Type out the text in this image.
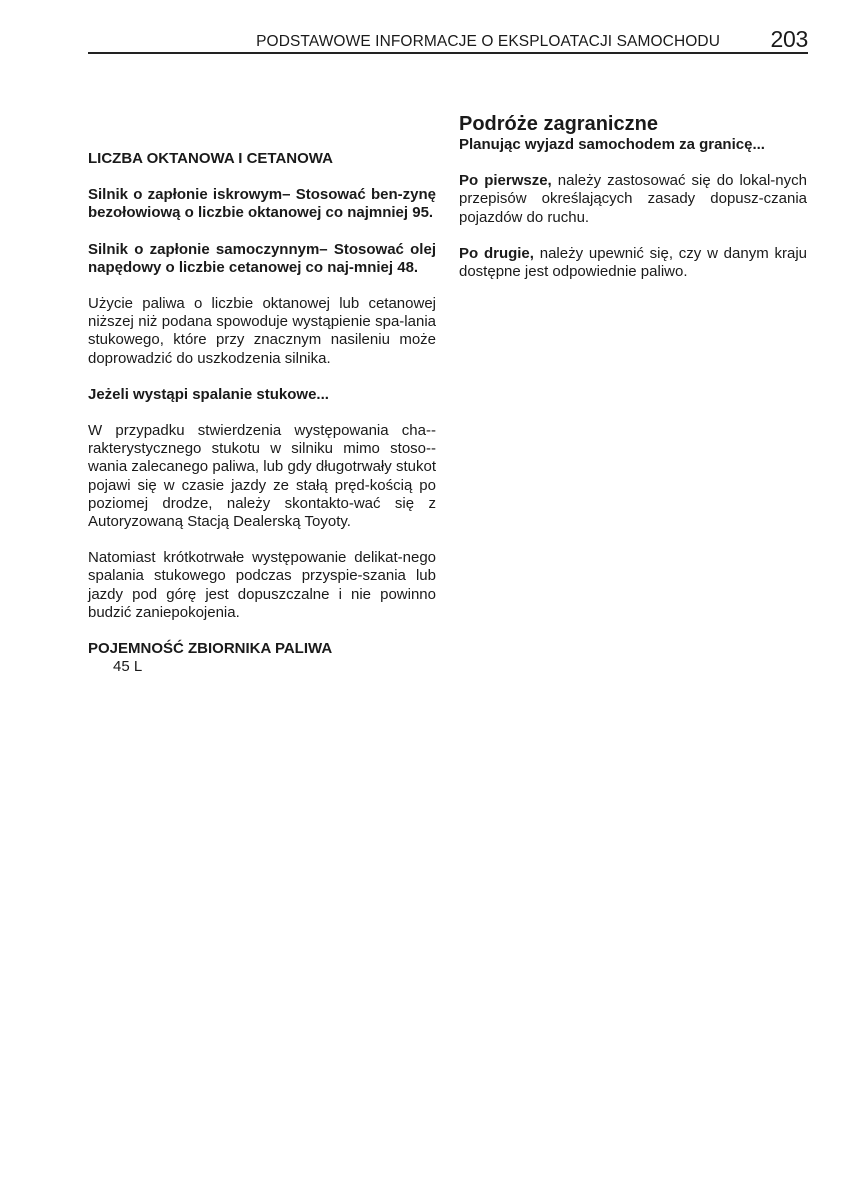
PODSTAWOWE INFORMACJE O EKSPLOATACJI SAMOCHODU 203

LICZBA OKTANOWA I CETANOWA

Silnik o zapłonie iskrowym– Stosować ben-zynę bezołowiową o liczbie oktanowej co najmniej 95.

Silnik o zapłonie samoczynnym– Stosować olej napędowy o liczbie cetanowej co naj-mniej 48.

Użycie paliwa o liczbie oktanowej lub cetanowej niższej niż podana spowoduje wystąpienie spa-lania stukowego, które przy znacznym nasileniu może doprowadzić do uszkodzenia silnika.

Jeżeli wystąpi spalanie stukowe...

W przypadku stwierdzenia występowania cha-rakterystycznego stukotu w silniku mimo stoso-wania zalecanego paliwa, lub gdy długotrwały stukot pojawi się w czasie jazdy ze stałą pręd-kością po poziomej drodze, należy skontakto-wać się z Autoryzowaną Stacją Dealerską Toyoty.

Natomiast krótkotrwałe występowanie delikat-nego spalania stukowego podczas przyspie-szania lub jazdy pod górę jest dopuszczalne i nie powinno budzić zaniepokojenia.

POJEMNOŚĆ ZBIORNIKA PALIWA

45 L

Podróże zagraniczne

Planując wyjazd samochodem za granicę...

Po pierwsze, należy zastosować się do lokal-nych przepisów określających zasady dopusz-czania pojazdów do ruchu.

Po drugie, należy upewnić się, czy w danym kraju dostępne jest odpowiednie paliwo.
